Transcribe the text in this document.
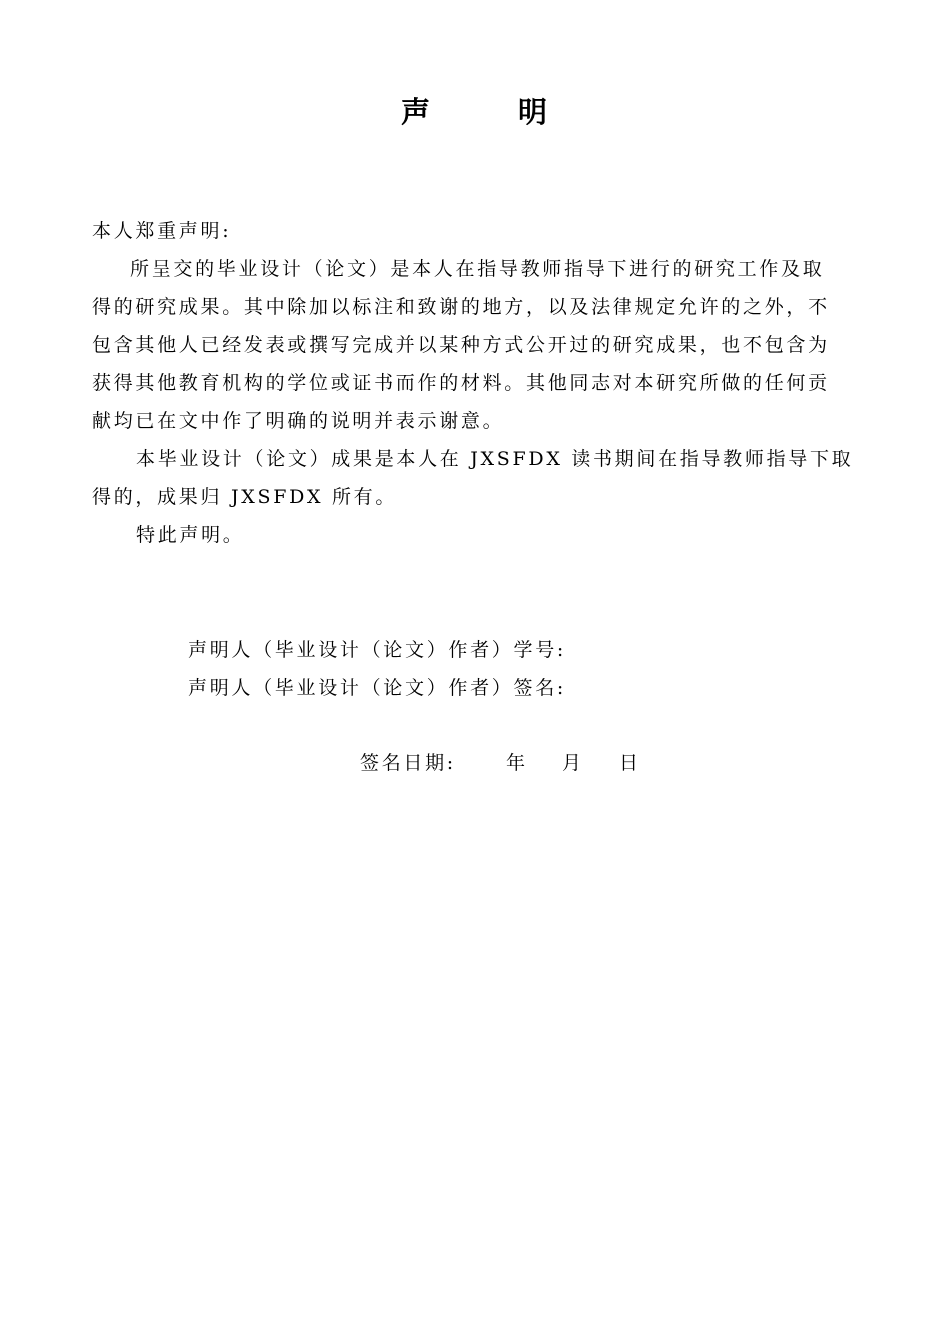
声	明
本人郑重声明:
所呈交的毕业设计（论文）是本人在指导教师指导下进行的研究工作及取
得的研究成果。其中除加以标注和致谢的地方，以及法律规定允许的之外，不
包含其他人已经发表或撰写完成并以某种方式公开过的研究成果，也不包含为
获得其他教育机构的学位或证书而作的材料。其他同志对本研究所做的任何贡
献均已在文中作了明确的说明并表示谢意。
本毕业设计（论文）成果是本人在 JXSFDX 读书期间在指导教师指导下取
得的，成果归 JXSFDX 所有。
特此声明。
声明人（毕业设计（论文）作者）学号:
声明人（毕业设计（论文）作者）签名:
签名日期:	年 月 日
